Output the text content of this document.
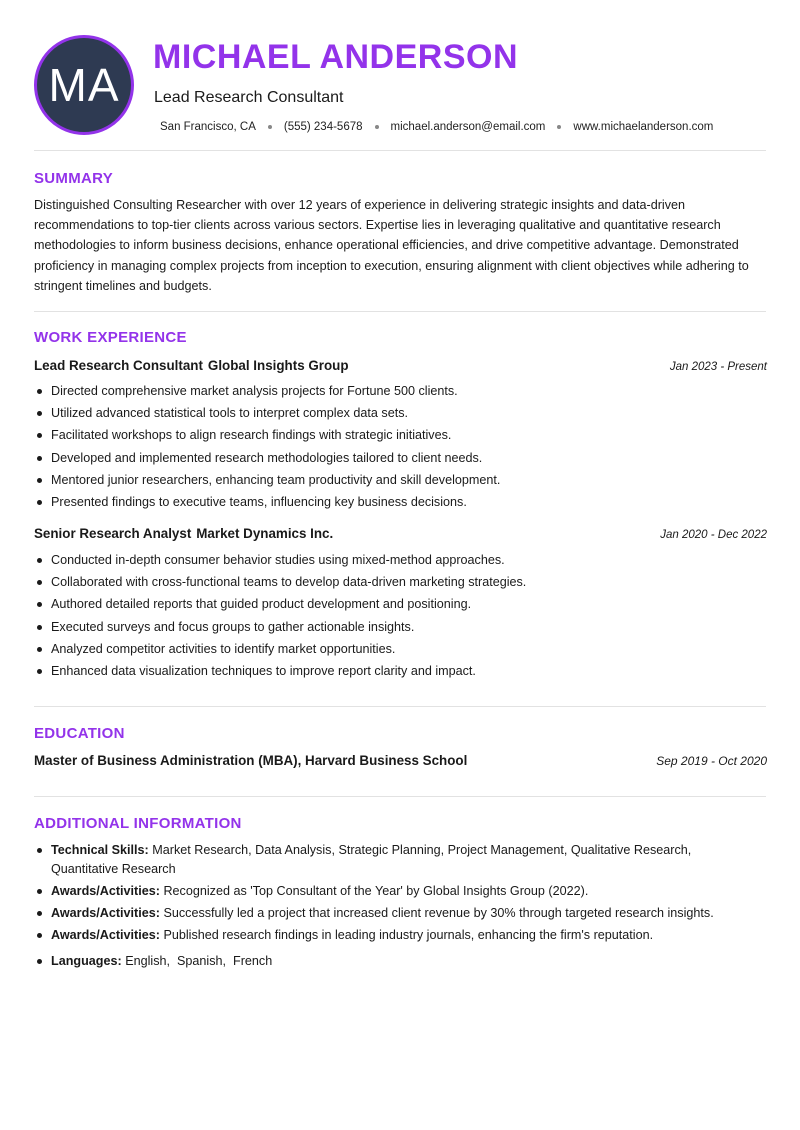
MA
MICHAEL ANDERSON
Lead Research Consultant
San Francisco, CA (555) 234-5678 michael.anderson@email.com www.michaelanderson.com
SUMMARY
Distinguished Consulting Researcher with over 12 years of experience in delivering strategic insights and data-driven recommendations to top-tier clients across various sectors. Expertise lies in leveraging qualitative and quantitative research methodologies to inform business decisions, enhance operational efficiencies, and drive competitive advantage. Demonstrated proficiency in managing complex projects from inception to execution, ensuring alignment with client objectives while adhering to stringent timelines and budgets.
WORK EXPERIENCE
Lead Research Consultant Global Insights Group	Jan 2023 - Present
Directed comprehensive market analysis projects for Fortune 500 clients.
Utilized advanced statistical tools to interpret complex data sets.
Facilitated workshops to align research findings with strategic initiatives.
Developed and implemented research methodologies tailored to client needs.
Mentored junior researchers, enhancing team productivity and skill development.
Presented findings to executive teams, influencing key business decisions.
Senior Research Analyst Market Dynamics Inc.	Jan 2020 - Dec 2022
Conducted in-depth consumer behavior studies using mixed-method approaches.
Collaborated with cross-functional teams to develop data-driven marketing strategies.
Authored detailed reports that guided product development and positioning.
Executed surveys and focus groups to gather actionable insights.
Analyzed competitor activities to identify market opportunities.
Enhanced data visualization techniques to improve report clarity and impact.
EDUCATION
Master of Business Administration (MBA), Harvard Business School	Sep 2019 - Oct 2020
ADDITIONAL INFORMATION
Technical Skills: Market Research, Data Analysis, Strategic Planning, Project Management, Qualitative Research, Quantitative Research
Awards/Activities: Recognized as 'Top Consultant of the Year' by Global Insights Group (2022).
Awards/Activities: Successfully led a project that increased client revenue by 30% through targeted research insights.
Awards/Activities: Published research findings in leading industry journals, enhancing the firm's reputation.
Languages: English , Spanish , French
